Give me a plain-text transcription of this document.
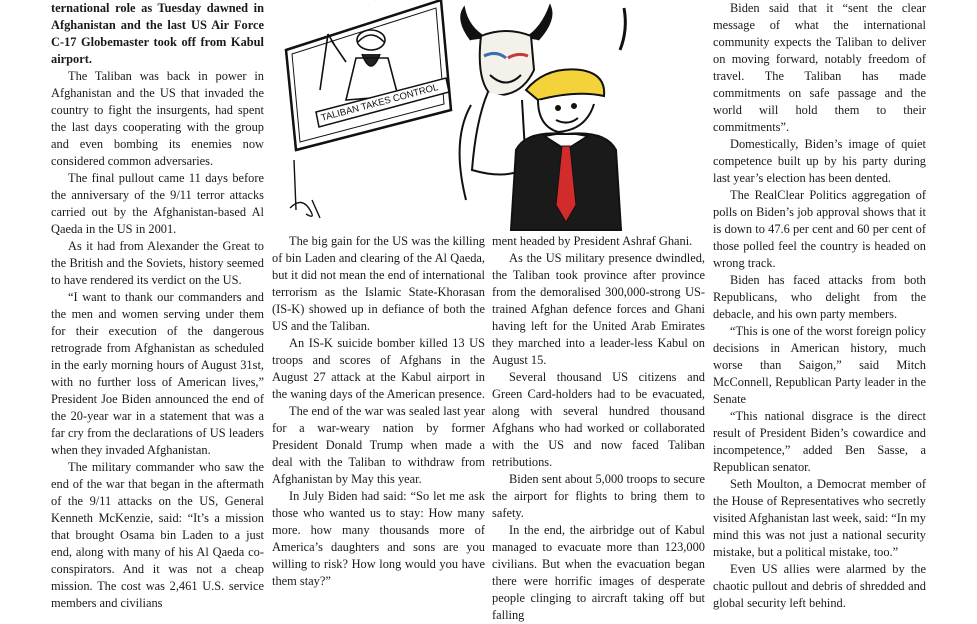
ternational role as Tuesday dawned in Afghanistan and the last US Air Force C-17 Globemaster took off from Kabul airport.

The Taliban was back in power in Afghanistan and the US that invaded the country to fight the insurgents, had spent the last days cooperating with the group and even bombing its enemies now considered common adversaries.

The final pullout came 11 days before the anniversary of the 9/11 terror attacks carried out by the Afghanistan-based Al Qaeda in the US in 2001.

As it had from Alexander the Great to the British and the Soviets, history seemed to have rendered its verdict on the US.

“I want to thank our commanders and the men and women serving under them for their execution of the dangerous retrograde from Afghanistan as scheduled in the early morning hours of August 31st, with no further loss of American lives,” President Joe Biden announced the end of the 20-year war in a statement that was a far cry from the declarations of US leaders when they invaded Afghanistan.

The military commander who saw the end of the war that began in the aftermath of the 9/11 attacks on the US, General Kenneth McKenzie, said: “It’s a mission that brought Osama bin Laden to a just end, along with many of his Al Qaeda co-conspirators. And it was not a cheap mission. The cost was 2,461 U.S. service members and civilians

TALIBAN TAKES CONTROL

The big gain for the US was the killing of bin Laden and clearing of the Al Qaeda, but it did not mean the end of international terrorism as the Islamic State-Khorasan (IS-K) showed up in defiance of both the US and the Taliban.

An IS-K suicide bomber killed 13 US troops and scores of Afghans in the August 27 attack at the Kabul airport in the waning days of the American presence.

The end of the war was sealed last year for a war-weary nation by former President Donald Trump when made a deal with the Taliban to withdraw from Afghanistan by May this year.

In July Biden had said: “So let me ask those who wanted us to stay: How many more. how many thousands more of America’s daughters and sons are you willing to risk? How long would you have them stay?”

ment headed by President Ashraf Ghani.

As the US military presence dwindled, the Taliban took province after province from the demoralised 300,000-strong US-trained Afghan defence forces and Ghani having left for the United Arab Emirates they marched into a leader-less Kabul on August 15.

Several thousand US citizens and Green Card-holders had to be evacuated, along with several hundred thousand Afghans who had worked or collaborated with the US and now faced Taliban retributions.

Biden sent about 5,000 troops to secure the airport for flights to bring them to safety.

In the end, the airbridge out of Kabul managed to evacuate more than 123,000 civilians. But when the evacuation began there were horrific images of desperate people clinging to aircraft taking off but falling

Biden said that it “sent the clear message of what the international community expects the Taliban to deliver on moving forward, notably freedom of travel. The Taliban has made commitments on safe passage and the world will hold them to their commitments”.

Domestically, Biden’s image of quiet competence built up by his party during last year’s election has been dented.

The RealClear Politics aggregation of polls on Biden’s job approval shows that it is down to 47.6 per cent and 60 per cent of those polled feel the country is headed on wrong track.

Biden has faced attacks from both Republicans, who delight from the debacle, and his own party members.

“This is one of the worst foreign policy decisions in American history, much worse than Saigon,” said Mitch McConnell, Republican Party leader in the Senate

“This national disgrace is the direct result of President Biden’s cowardice and incompetence,” added Ben Sasse, a Republican senator.

Seth Moulton, a Democrat member of the House of Representatives who secretly visited Afghanistan last week, said: “In my mind this was not just a national security mistake, but a political mistake, too.”

Even US allies were alarmed by the chaotic pullout and debris of shredded and global security left behind.
